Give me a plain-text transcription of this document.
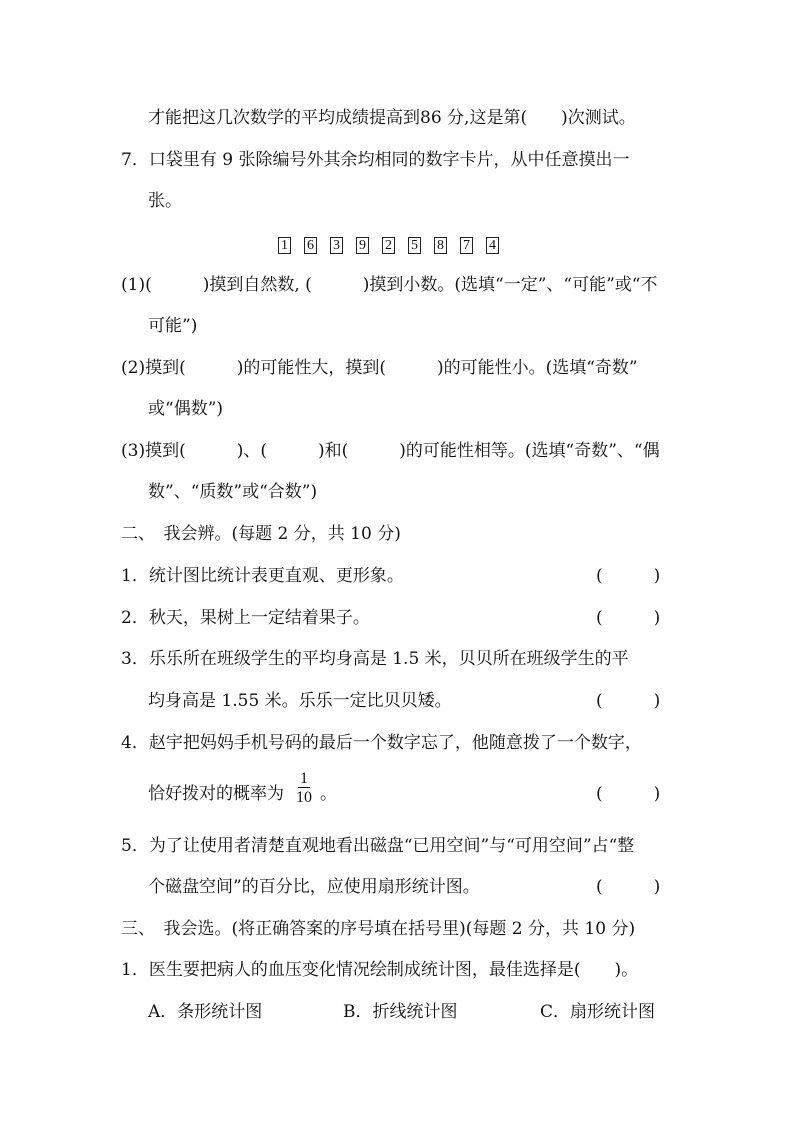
才能把这几次数学的平均成绩提高到86 分,这是第(　　)次测试。
7．口袋里有 9 张除编号外其余均相同的数字卡片，从中任意摸出一
张。
1 6 3 9 2 5 8 7 4
(1)(　　　)摸到自然数, (　　　)摸到小数。(选填“一定”、“可能”或“不
可能”)
(2)摸到(　　　)的可能性大，摸到(　　　)的可能性小。(选填“奇数”
或“偶数”)
(3)摸到(　　　)、(　　　)和(　　　)的可能性相等。(选填“奇数”、“偶
数”、“质数”或“合数”)
二、　我会辨。(每题 2 分，共 10 分)
1．统计图比统计表更直观、更形象。	(　　　)
2．秋天，果树上一定结着果子。	(　　　)
3．乐乐所在班级学生的平均身高是 1.5 米，贝贝所在班级学生的平
均身高是 1.55 米。乐乐一定比贝贝矮。	(　　　)
4．赵宇把妈妈手机号码的最后一个数字忘了，他随意拨了一个数字，
恰好拨对的概率为 $\frac{1}{10}$ 。	(　　　)
5．为了让使用者清楚直观地看出磁盘“已用空间”与“可用空间”占“整
个磁盘空间”的百分比，应使用扇形统计图。	(　　　)
三、　我会选。(将正确答案的序号填在括号里)(每题 2 分，共 10 分)
1．医生要把病人的血压变化情况绘制成统计图，最佳选择是(　　)。
A．条形统计图	B．折线统计图	C．扇形统计图
